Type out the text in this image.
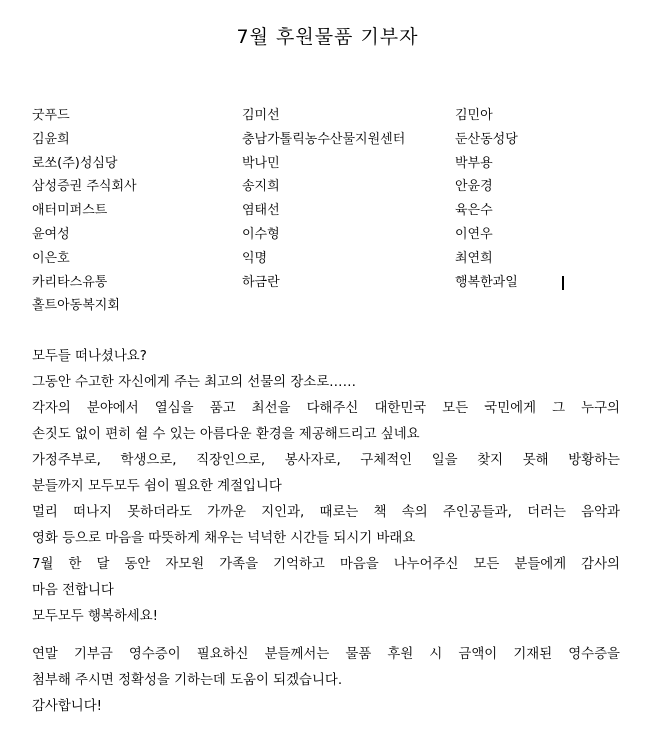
7월 후원물품 기부자
굿푸드	김미선	김민아
김윤희	충남가톨릭농수산물지원센터	둔산동성당
로쏘(주)성심당	박나민	박부용
삼성증권 주식회사	송지희	안윤경
애터미퍼스트	염태선	육은수
윤여성	이수형	이연우
이은호	익명	최연희
카리타스유통	하금란	행복한과일
홀트아동복지회
모두들 떠나셨나요?
그동안 수고한 자신에게 주는 최고의 선물의 장소로……
각자의 분야에서 열심을 품고 최선을 다해주신 대한민국 모든 국민에게 그 누구의
손짓도 없이 편히 쉴 수 있는 아름다운 환경을 제공해드리고 싶네요
가정주부로, 학생으로, 직장인으로, 봉사자로, 구체적인 일을 찾지 못해 방황하는
분들까지 모두모두 쉼이 필요한 계절입니다
멀리 떠나지 못하더라도 가까운 지인과, 때로는 책 속의 주인공들과, 더러는 음악과
영화 등으로 마음을 따뜻하게 채우는 넉넉한 시간들 되시기 바래요
7월 한 달 동안 자모원 가족을 기억하고 마음을 나누어주신 모든 분들에게 감사의
마음 전합니다
모두모두 행복하세요!
연말 기부금 영수증이 필요하신 분들께서는 물품 후원 시 금액이 기재된 영수증을
첨부해 주시면 정확성을 기하는데 도움이 되겠습니다.
감사합니다!
